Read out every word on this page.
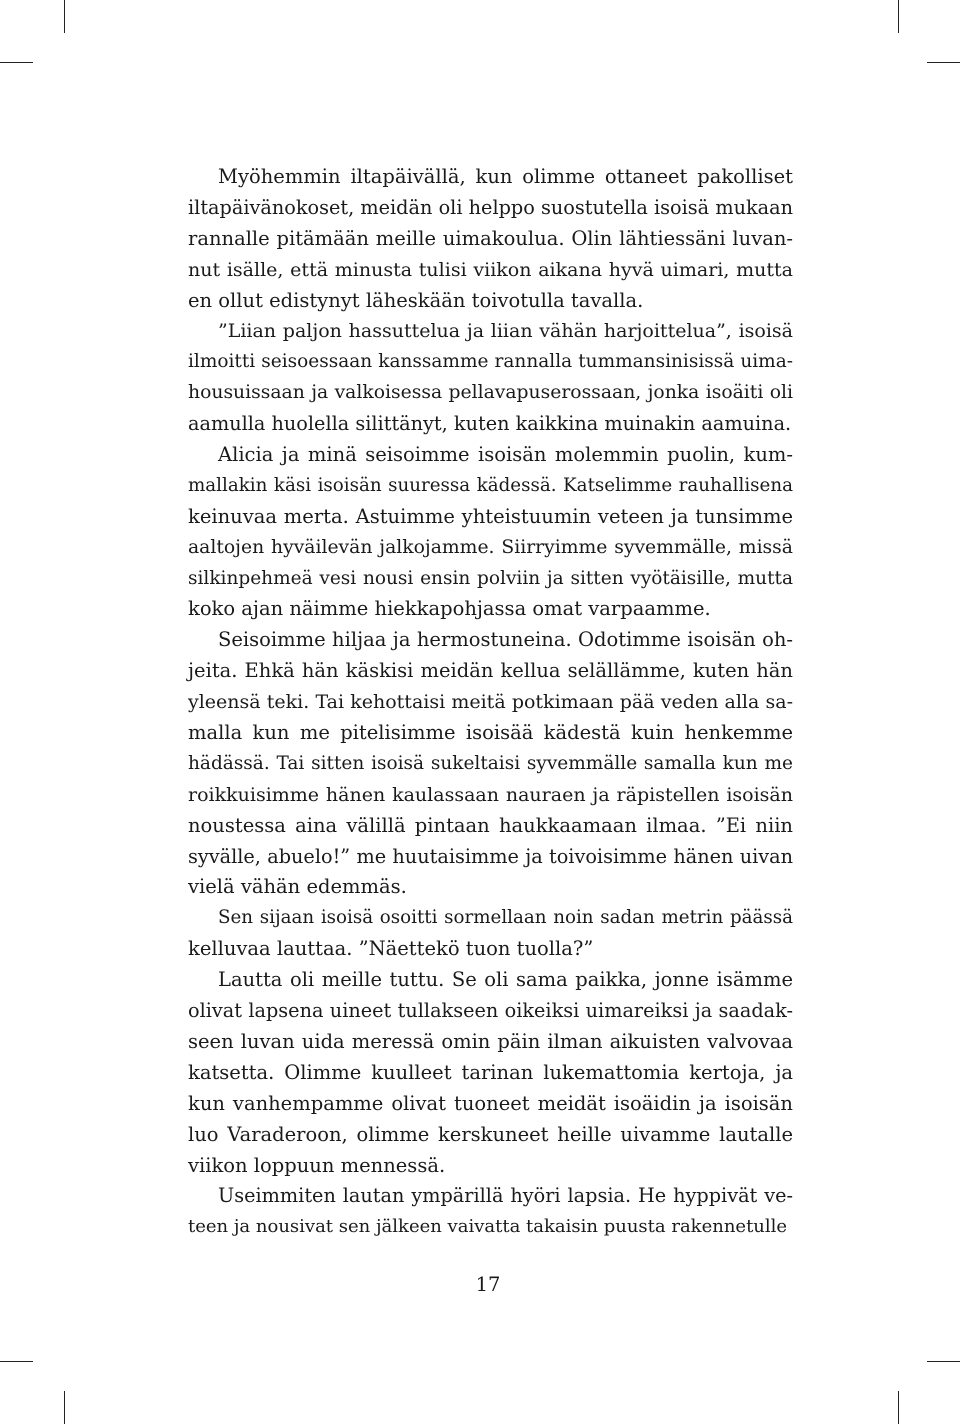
Myöhemmin iltapäivällä, kun olimme ottaneet pakolliset
iltapäivänokoset, meidän oli helppo suostutella isoisä mukaan
rannalle pitämään meille uimakoulua. Olin lähtiessäni luvan-
nut isälle, että minusta tulisi viikon aikana hyvä uimari, mutta
en ollut edistynyt läheskään toivotulla tavalla.
”Liian paljon hassuttelua ja liian vähän harjoittelua”, isoisä
ilmoitti seisoessaan kanssamme rannalla tummansinisissä uima-
housuissaan ja valkoisessa pellavapuserossaan, jonka isoäiti oli
aamulla huolella silittänyt, kuten kaikkina muinakin aamuina.
Alicia ja minä seisoimme isoisän molemmin puolin, kum-
mallakin käsi isoisän suuressa kädessä. Katselimme rauhallisena
keinuvaa merta. Astuimme yhteistuumin veteen ja tunsimme
aaltojen hyväilevän jalkojamme. Siirryimme syvemmälle, missä
silkinpehmeä vesi nousi ensin polviin ja sitten vyötäisille, mutta
koko ajan näimme hiekkapohjassa omat varpaamme.
Seisoimme hiljaa ja hermostuneina. Odotimme isoisän oh-
jeita. Ehkä hän käskisi meidän kellua selällämme, kuten hän
yleensä teki. Tai kehottaisi meitä potkimaan pää veden alla sa-
malla kun me pitelisimme isoisää kädestä kuin henkemme
hädässä. Tai sitten isoisä sukeltaisi syvemmälle samalla kun me
roikkuisimme hänen kaulassaan nauraen ja räpistellen isoisän
noustessa aina välillä pintaan haukkaamaan ilmaa. ”Ei niin
syvälle, abuelo!” me huutaisimme ja toivoisimme hänen uivan
vielä vähän edemmäs.
Sen sijaan isoisä osoitti sormellaan noin sadan metrin päässä
kelluvaa lauttaa. ”Näettekö tuon tuolla?”
Lautta oli meille tuttu. Se oli sama paikka, jonne isämme
olivat lapsena uineet tullakseen oikeiksi uimareiksi ja saadak-
seen luvan uida meressä omin päin ilman aikuisten valvovaa
katsetta. Olimme kuulleet tarinan lukemattomia kertoja, ja
kun vanhempamme olivat tuoneet meidät isoäidin ja isoisän
luo Varaderoon, olimme kerskuneet heille uivamme lautalle
viikon loppuun mennessä.
Useimmiten lautan ympärillä hyöri lapsia. He hyppivät ve-
teen ja nousivat sen jälkeen vaivatta takaisin puusta rakennetulle
17
